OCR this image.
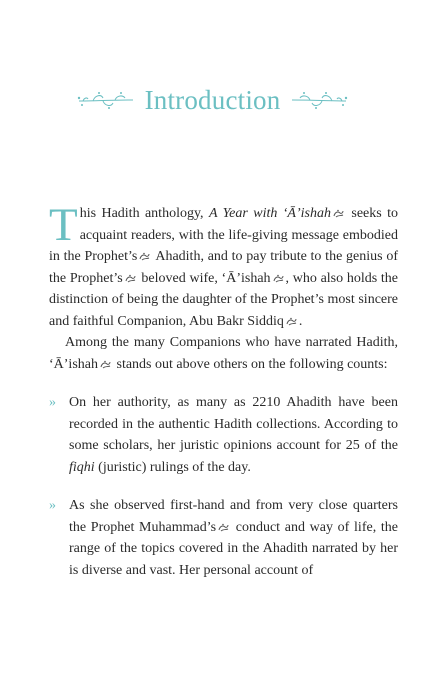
Introduction

This Hadith anthology, A Year with ‘Ā’ishah seeks to acquaint readers, with the life-giving message embodied in the Prophet’s Ahadith, and to pay tribute to the genius of the Prophet’s beloved wife, ‘Ā’ishah , who also holds the distinction of being the daughter of the Prophet’s most sincere and faithful Companion, Abu Bakr Siddiq .

Among the many Companions who have narrated Hadith, ‘Ā’ishah stands out above others on the following counts:

» On her authority, as many as 2210 Ahadith have been recorded in the authentic Hadith collections. According to some scholars, her juristic opinions account for 25 of the fiqhi (juristic) rulings of the day.
» As she observed first-hand and from very close quarters the Prophet Muhammad’s conduct and way of life, the range of the topics covered in the Ahadith narrated by her is diverse and vast. Her personal account of
